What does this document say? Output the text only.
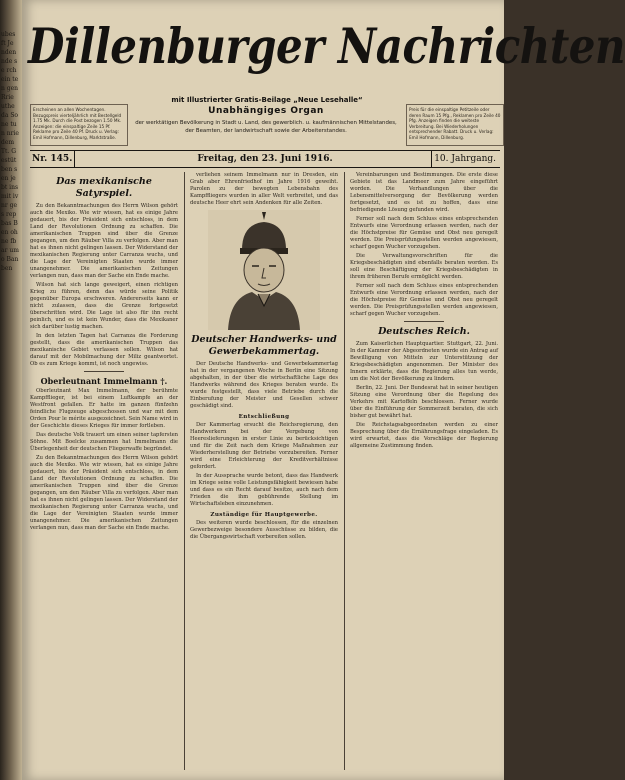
ubes ft Je nden nde se rch ein ten gen Rrie uthe da Sone tun nrie dem Tt. Gestüt ben sen jebt ins mit iv nr ges rep bas Ben ohne fbar umo Ban ben
Dillenburger Nachrichten
mit Illustrierter Gratis-Beilage „Neue Lesehalle“
Erscheinen an allen Wochentagen. Bezugspreis vierteljährlich mit Bestellgeld 1.75 Mk. Durch die Post bezogen 1.50 Mk. Anzeigen: die einspaltige Zeile 15 Pf. Reklame pro Zeile 40 Pf. Druck u. Verlag: Emil Hofmann, Dillenburg, Marktstraße.
Unabhängiges Organ
der werktätigen Bevölkerung in Stadt u. Land, des gewerblich. u. kaufmännischen Mittelstandes, der Beamten, der landwirtschaft sowie der Arbeiterstandes.
Preis für die einspaltige Petitzeile oder deren Raum 15 Pfg., Reklamen pro Zeile 40 Pfg. Anzeigen finden die weiteste Verbreitung. Bei Wiederholungen entsprechender Rabatt. Druck u. Verlag: Emil Hofmann, Dillenburg.
Nr. 145.	Freitag, den 23. Juni 1916.	10. Jahrgang.
Das mexikanische Satyrspiel.

Zu den Bekanntmachungen des Herrn Wilson gehört auch die Mexiko. Wie wir wissen, hat es einige Jahre gedauert, bis der Präsident sich entschloss, in dem Land der Revolutionen Ordnung zu schaffen. Die amerikanischen Truppen sind über die Grenze gegangen, um den Räuber Villa zu verfolgen. Aber man hat es ihnen nicht gelingen lassen. Der Widerstand der mexikanischen Regierung unter Carranza wuchs, und die Lage der Vereinigten Staaten wurde immer unangenehmer. Die amerikanischen Zeitungen verlangen nun, dass man der Sache ein Ende mache.

Wilson hat sich lange geweigert, einen richtigen Krieg zu führen, denn das würde seine Politik gegenüber Europa erschweren. Andererseits kann er nicht zulassen, dass die Grenze fortgesetzt überschritten wird. Die Lage ist also für ihn recht peinlich, und es ist kein Wunder, dass die Mexikaner sich darüber lustig machen.

In den letzten Tagen hat Carranza die Forderung gestellt, dass die amerikanischen Truppen das mexikanische Gebiet verlassen sollen. Wilson hat darauf mit der Mobilmachung der Miliz geantwortet. Ob es zum Kriege kommt, ist noch ungewiss.

Oberleutnant Immelmann †.

Oberleutnant Max Immelmann, der berühmte Kampfflieger, ist bei einem Luftkampfe an der Westfront gefallen. Er hatte im ganzen fünfzehn feindliche Flugzeuge abgeschossen und war mit dem Orden Pour le mérite ausgezeichnet. Sein Name wird in der Geschichte dieses Krieges für immer fortleben.

Das deutsche Volk trauert um einen seiner tapfersten Söhne. Mit Boelcke zusammen hat Immelmann die Überlegenheit der deutschen Fliegerwaffe begründet.

Zu den Bekanntmachungen des Herrn Wilson gehört auch die Mexiko. Wie wir wissen, hat es einige Jahre gedauert, bis der Präsident sich entschloss, in dem Land der Revolutionen Ordnung zu schaffen. Die amerikanischen Truppen sind über die Grenze gegangen, um den Räuber Villa zu verfolgen. Aber man hat es ihnen nicht gelingen lassen. Der Widerstand der mexikanischen Regierung unter Carranza wuchs, und die Lage der Vereinigten Staaten wurde immer unangenehmer. Die amerikanischen Zeitungen verlangen nun, dass man der Sache ein Ende mache.

verliehen seinem Immelmann nur in Dresden, ein Grab aber Ehrenfriedhof im Jahre 1916 geweiht. Parolen zu der bewegten Lebensbahn des Kampffliegers wurden in aller Welt verbreitet, und das deutsche Heer ehrt sein Andenken für alle Zeiten.

Deutscher Handwerks- und Gewerbekammertag.

Der Deutsche Handwerks- und Gewerbekammertag hat in der vergangenen Woche in Berlin eine Sitzung abgehalten, in der über die wirtschaftliche Lage des Handwerks während des Krieges beraten wurde. Es wurde festgestellt, dass viele Betriebe durch die Einberufung der Meister und Gesellen schwer geschädigt sind.

Entschließung

Der Kammertag ersucht die Reichsregierung, den Handwerkern bei der Vergebung von Heereslieferungen in erster Linie zu berücksichtigen und für die Zeit nach dem Kriege Maßnahmen zur Wiederherstellung der Betriebe vorzubereiten. Ferner wird eine Erleichterung der Kreditverhältnisse gefordert.

In der Aussprache wurde betont, dass das Handwerk im Kriege seine volle Leistungsfähigkeit bewiesen habe und dass es ein Recht darauf besitze, auch nach dem Frieden die ihm gebührende Stellung im Wirtschaftsleben einzunehmen.

Zuständige für Hauptgewerbe.

Des weiteren wurde beschlossen, für die einzelnen Gewerbezweige besondere Ausschüsse zu bilden, die die Übergangswirtschaft vorbereiten sollen.

Vereinbarungen und Bestimmungen. Die erste diese Gebiete ist das Landmeer zum Jahre eingeführt worden. Die Verhandlungen über die Lebensmittelversorgung der Bevölkerung werden fortgesetzt, und es ist zu hoffen, dass eine befriedigende Lösung gefunden wird.

Ferner soll nach dem Schluss eines entsprechenden Entwurfs eine Verordnung erlassen werden, nach der die Höchstpreise für Gemüse und Obst neu geregelt werden. Die Preisprüfungsstellen werden angewiesen, scharf gegen Wucher vorzugehen.

Die Verwaltungsvorschriften für die Kriegsbeschädigten sind ebenfalls beraten worden. Es soll eine Beschäftigung der Kriegsbeschädigten in ihrem früheren Berufe ermöglicht werden.

Ferner soll nach dem Schluss eines entsprechenden Entwurfs eine Verordnung erlassen werden, nach der die Höchstpreise für Gemüse und Obst neu geregelt werden. Die Preisprüfungsstellen werden angewiesen, scharf gegen Wucher vorzugehen.

Deutsches Reich.

Zum Kaiserlichen Hauptquartier. Stuttgart, 22. Juni. In der Kammer der Abgeordneten wurde ein Antrag auf Bewilligung von Mitteln zur Unterstützung der Kriegsbeschädigten angenommen. Der Minister des Innern erklärte, dass die Regierung alles tun werde, um die Not der Bevölkerung zu lindern.

Berlin, 22. Juni. Der Bundesrat hat in seiner heutigen Sitzung eine Verordnung über die Regelung des Verkehrs mit Kartoffeln beschlossen. Ferner wurde über die Einführung der Sommerzeit beraten, die sich bisher gut bewährt hat.

Die Reichstagsabgeordneten werden zu einer Besprechung über die Ernährungsfrage eingeladen. Es wird erwartet, dass die Vorschläge der Regierung allgemeine Zustimmung finden.
